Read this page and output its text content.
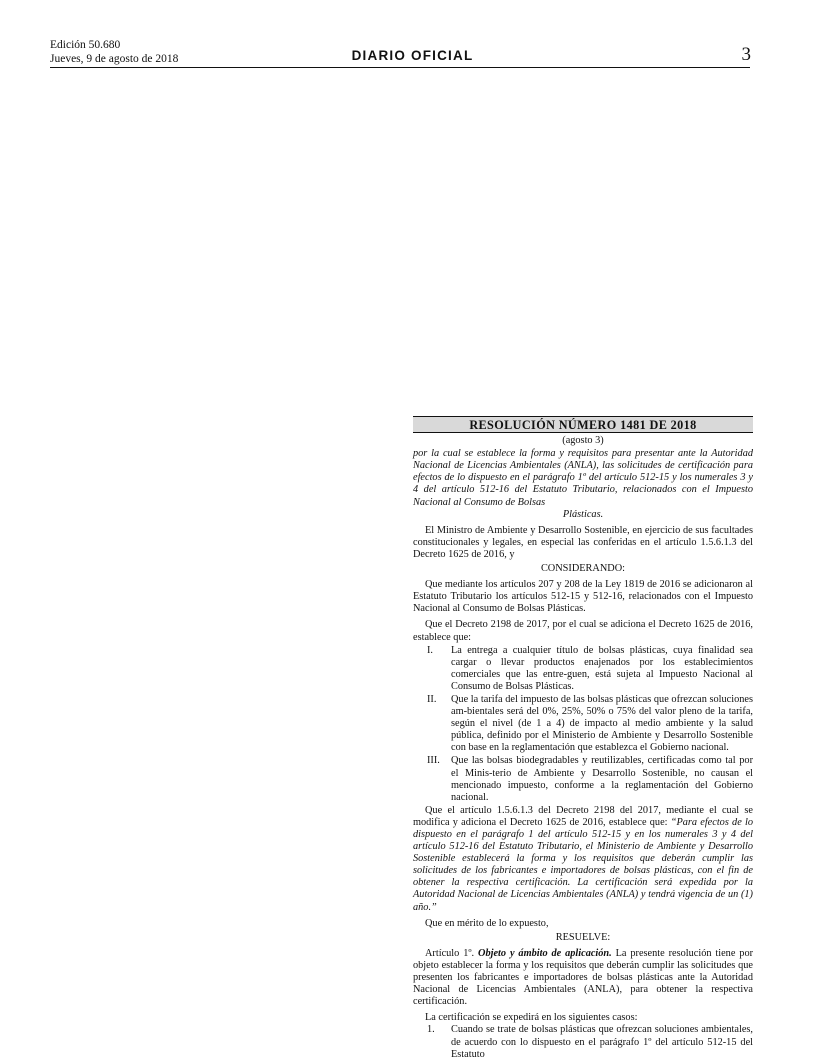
Edición 50.680
Jueves, 9 de agosto de 2018	DIARIO OFICIAL	3
RESOLUCIÓN NÚMERO 1481 DE 2018
(agosto 3)
por la cual se establece la forma y requisitos para presentar ante la Autoridad Nacional de Licencias Ambientales (ANLA), las solicitudes de certificación para efectos de lo dispuesto en el parágrafo 1º del artículo 512-15 y los numerales 3 y 4 del artículo 512-16 del Estatuto Tributario, relacionados con el Impuesto Nacional al Consumo de Bolsas
Plásticas.

El Ministro de Ambiente y Desarrollo Sostenible, en ejercicio de sus facultades constitucionales y legales, en especial las conferidas en el artículo 1.5.6.1.3 del Decreto 1625 de 2016, y

CONSIDERANDO:

Que mediante los artículos 207 y 208 de la Ley 1819 de 2016 se adicionaron al Estatuto Tributario los artículos 512-15 y 512-16, relacionados con el Impuesto Nacional al Consumo de Bolsas Plásticas.

Que el Decreto 2198 de 2017, por el cual se adiciona el Decreto 1625 de 2016, establece que:

I.	La entrega a cualquier título de bolsas plásticas, cuya finalidad sea cargar o llevar productos enajenados por los establecimientos comerciales que las entre-guen, está sujeta al Impuesto Nacional al Consumo de Bolsas Plásticas.
II.	Que la tarifa del impuesto de las bolsas plásticas que ofrezcan soluciones am-bientales será del 0%, 25%, 50% o 75% del valor pleno de la tarifa, según el nivel (de 1 a 4) de impacto al medio ambiente y la salud pública, definido por el Ministerio de Ambiente y Desarrollo Sostenible con base en la reglamentación que establezca el Gobierno nacional.
III.	Que las bolsas biodegradables y reutilizables, certificadas como tal por el Minis-terio de Ambiente y Desarrollo Sostenible, no causan el mencionado impuesto, conforme a la reglamentación del Gobierno nacional.

Que el artículo 1.5.6.1.3 del Decreto 2198 del 2017, mediante el cual se modifica y adiciona el Decreto 1625 de 2016, establece que: “Para efectos de lo dispuesto en el parágrafo 1 del artículo 512-15 y en los numerales 3 y 4 del artículo 512-16 del Estatuto Tributario, el Ministerio de Ambiente y Desarrollo Sostenible establecerá la forma y los requisitos que deberán cumplir las solicitudes de los fabricantes e importadores de bolsas plásticas, con el fin de obtener la respectiva certificación. La certificación será expedida por la Autoridad Nacional de Licencias Ambientales (ANLA) y tendrá vigencia de un (1) año.”

Que en mérito de lo expuesto,

RESUELVE:

Artículo 1º. Objeto y ámbito de aplicación. La presente resolución tiene por objeto establecer la forma y los requisitos que deberán cumplir las solicitudes que presenten los fabricantes e importadores de bolsas plásticas ante la Autoridad Nacional de Licencias Ambientales (ANLA), para obtener la respectiva certificación.

La certificación se expedirá en los siguientes casos:

1.	Cuando se trate de bolsas plásticas que ofrezcan soluciones ambientales, de acuerdo con lo dispuesto en el parágrafo 1º del artículo 512-15 del Estatuto
